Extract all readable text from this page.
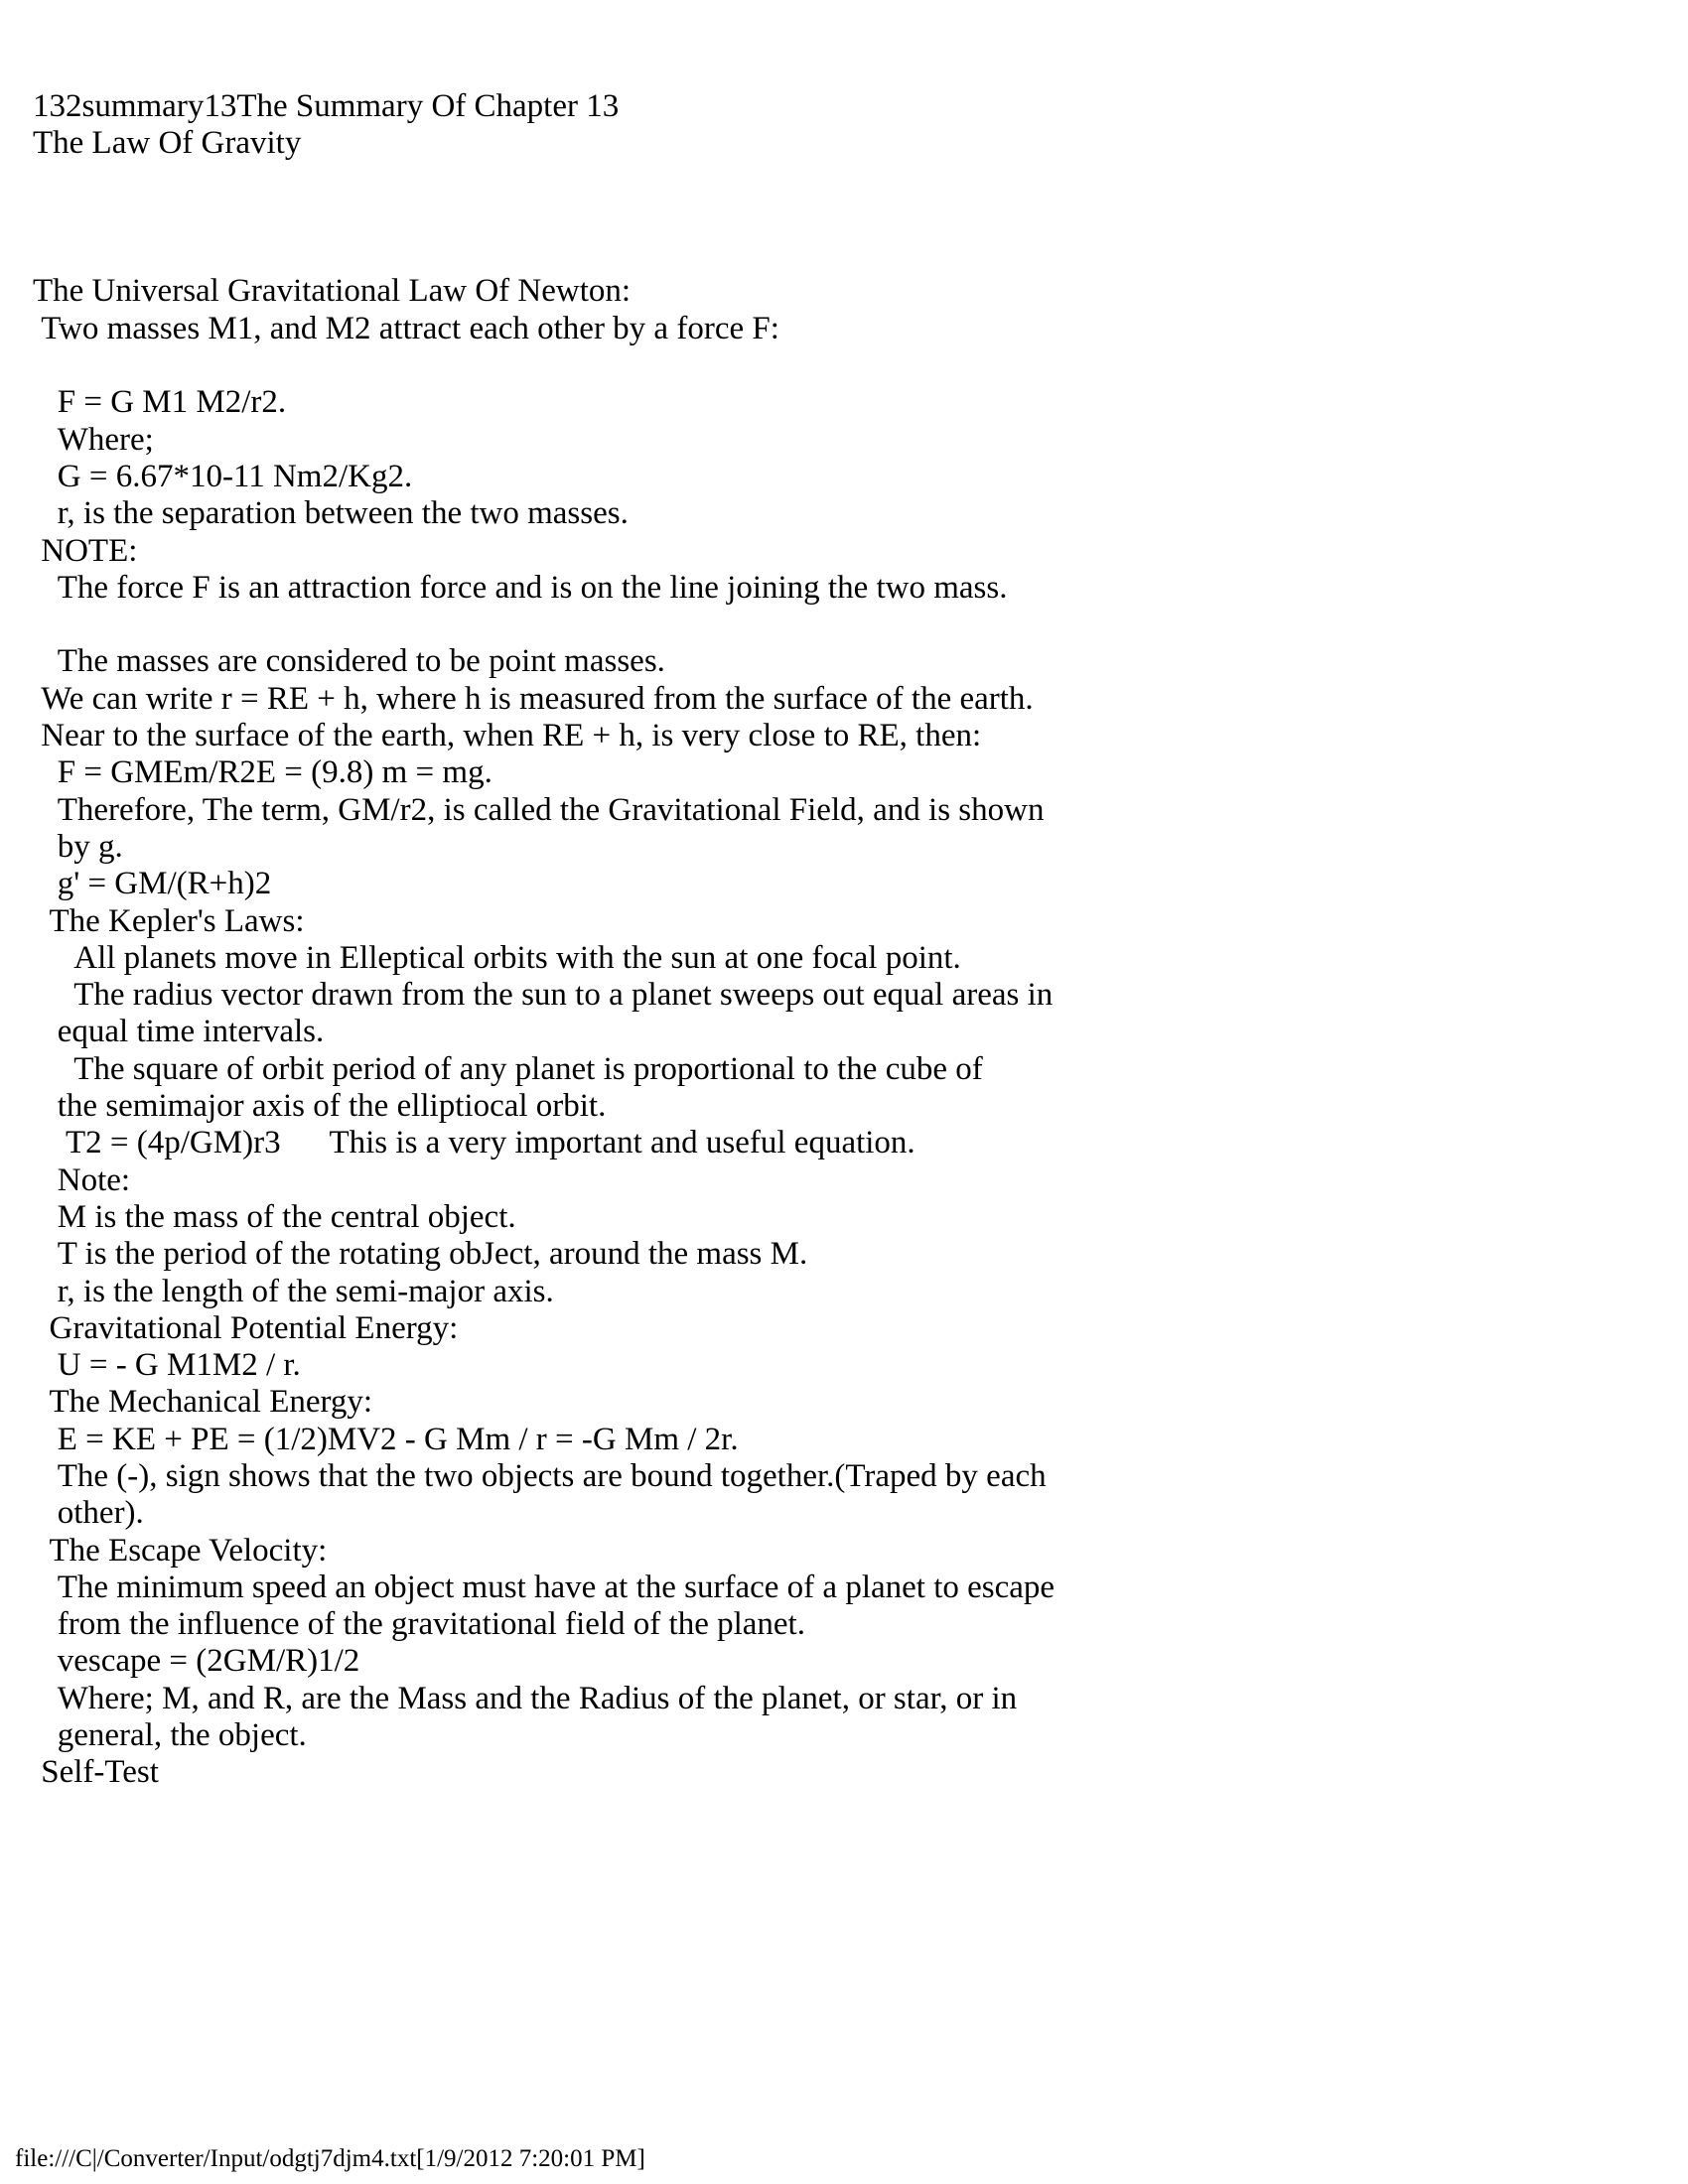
132summary13The Summary Of Chapter 13
The Law Of Gravity
The Universal Gravitational Law Of Newton:
Two masses M1, and M2 attract each other by a force F:
F = G M1 M2/r2.
Where;
G = 6.67*10-11 Nm2/Kg2.
r, is the separation between the two masses.
NOTE:
The force F is an attraction force and is on the line joining the two mass.
The masses are considered to be point masses.
We can write r = RE + h, where h is measured from the surface of the earth.
Near to the surface of the earth, when RE + h, is very close to RE, then:
F = GMEm/R2E = (9.8) m = mg.
Therefore, The term, GM/r2, is called the Gravitational Field, and is shown
by g.
g' = GM/(R+h)2
The Kepler's Laws:
All planets move in Elleptical orbits with the sun at one focal point.
The radius vector drawn from the sun to a planet sweeps out equal areas in
equal time intervals.
The square of orbit period of any planet is proportional to the cube of
the semimajor axis of the elliptiocal orbit.
T2 = (4p/GM)r3      This is a very important and useful equation.
Note:
M is the mass of the central object.
T is the period of the rotating obJect, around the mass M.
r, is the length of the semi-major axis.
Gravitational Potential Energy:
U = - G M1M2 / r.
The Mechanical Energy:
E = KE + PE = (1/2)MV2 - G Mm / r = -G Mm / 2r.
The (-), sign shows that the two objects are bound together.(Traped by each
other).
The Escape Velocity:
The minimum speed an object must have at the surface of a planet to escape
from the influence of the gravitational field of the planet.
vescape = (2GM/R)1/2
Where; M, and R, are the Mass and the Radius of the planet, or star, or in
general, the object.
Self-Test
file:///C|/Converter/Input/odgtj7djm4.txt[1/9/2012 7:20:01 PM]
